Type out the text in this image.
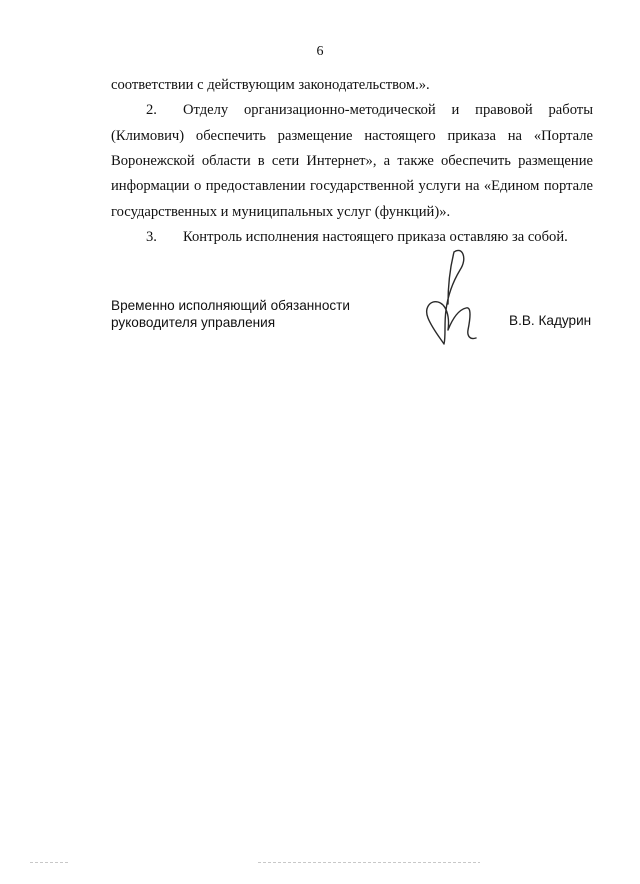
6
соответствии с действующим законодательством.».
2. Отделу организационно-методической и правовой работы
(Климович) обеспечить размещение настоящего приказа на «Портале
Воронежской области в сети Интернет», а также обеспечить размещение
информации о предоставлении государственной услуги на «Едином портале
государственных и муниципальных услуг (функций)».
3. Контроль исполнения настоящего приказа оставляю за собой.
Временно исполняющий обязанности
руководителя управления	В.В. Кадурин
